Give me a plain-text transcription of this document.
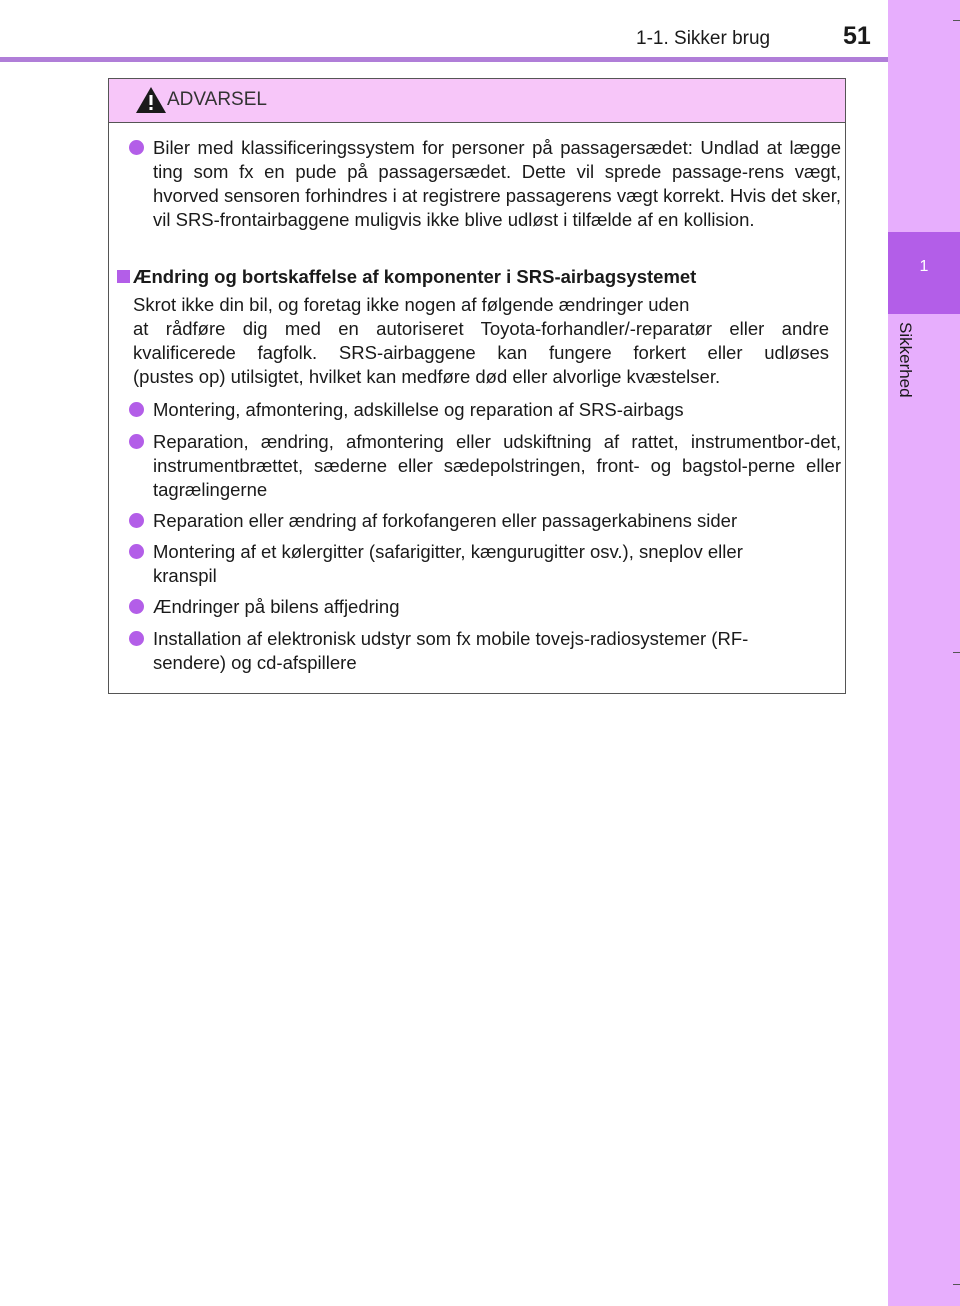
1-1. Sikker brug	51
1
Sikkerhed
ADVARSEL
Biler med klassificeringssystem for personer på passagersædet: Undlad at lægge ting som fx en pude på passagersædet. Dette vil sprede passage-rens vægt, hvorved sensoren forhindres i at registrere passagerens vægt korrekt. Hvis det sker, vil SRS-frontairbaggene muligvis ikke blive udløst i tilfælde af en kollision.
Ændring og bortskaffelse af komponenter i SRS-airbagsystemet

Skrot ikke din bil, og foretag ikke nogen af følgende ændringer uden

at rådføre dig med en autoriseret Toyota-forhandler/-reparatør eller andre

kvalificerede fagfolk. SRS-airbaggene kan fungere forkert eller udløses

(pustes op) utilsigtet, hvilket kan medføre død eller alvorlige kvæstelser.

Montering, afmontering, adskillelse og reparation af SRS-airbags
Reparation, ændring, afmontering eller udskiftning af rattet, instrumentbor-det, instrumentbrættet, sæderne eller sædepolstringen, front- og bagstol-perne eller tagrælingerne
Reparation eller ændring af forkofangeren eller passagerkabinens sider
Montering af et kølergitter (safarigitter, kængurugitter osv.), sneplov eller kranspil
Ændringer på bilens affjedring
Installation af elektronisk udstyr som fx mobile tovejs-radiosystemer (RF-sendere) og cd-afspillere
